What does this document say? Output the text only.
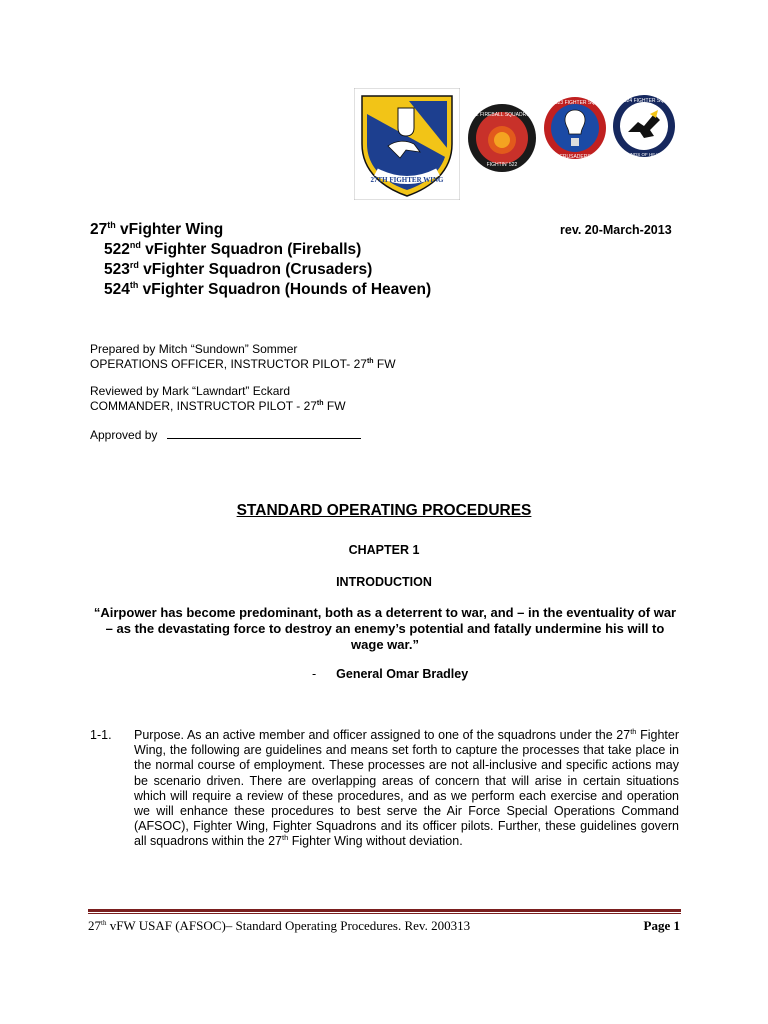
27TH FIGHTER WING
522 FIREBALL SQUADRON
FIGHTIN' 522
523 FIGHTER SQ
CRUSADERS
524 FIGHTER SQ
HOUNDS OF HEAVEN
27th vFighter Wing
522nd vFighter Squadron (Fireballs)
523rd vFighter Squadron (Crusaders)
524th vFighter Squadron (Hounds of Heaven)
rev. 20-March-2013
Prepared by Mitch “Sundown” Sommer
OPERATIONS OFFICER, INSTRUCTOR PILOT- 27th FW
Reviewed by Mark “Lawndart” Eckard
COMMANDER, INSTRUCTOR PILOT - 27th FW
Approved by
STANDARD OPERATING PROCEDURES
CHAPTER 1
INTRODUCTION
“Airpower has become predominant, both as a deterrent to war, and – in the eventuality of war – as the devastating force to destroy an enemy’s potential and fatally undermine his will to wage war.”
- General Omar Bradley
1-1. Purpose. As an active member and officer assigned to one of the squadrons under the 27th Fighter Wing, the following are guidelines and means set forth to capture the processes that take place in the normal course of employment. These processes are not all-inclusive and specific actions may be scenario driven. There are overlapping areas of concern that will arise in certain situations which will require a review of these procedures, and as we perform each exercise and operation we will enhance these procedures to best serve the Air Force Special Operations Command (AFSOC), Fighter Wing, Fighter Squadrons and its officer pilots. Further, these guidelines govern all squadrons within the 27th Fighter Wing without deviation.
27th vFW USAF (AFSOC)– Standard Operating Procedures. Rev. 200313	Page 1
